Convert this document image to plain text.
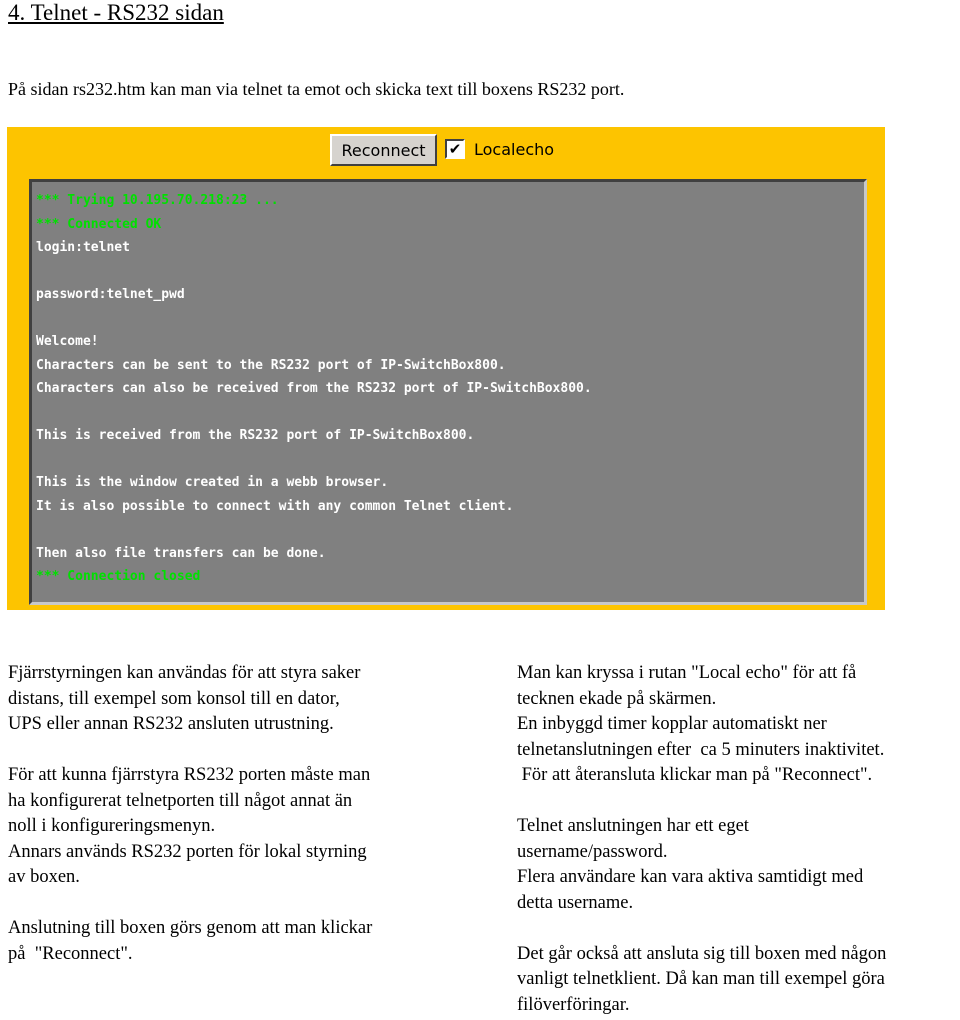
4. Telnet - RS232 sidan
På sidan rs232.htm kan man via telnet ta emot och skicka text till boxens RS232 port.
Reconnect	✔ Localecho
*** Trying 10.195.70.218:23 ...
*** Connected OK
login:telnet
password:telnet_pwd
Welcome!
Characters can be sent to the RS232 port of IP-SwitchBox800.
Characters can also be received from the RS232 port of IP-SwitchBox800.
This is received from the RS232 port of IP-SwitchBox800.
This is the window created in a webb browser.
It is also possible to connect with any common Telnet client.
Then also file transfers can be done.
*** Connection closed

Fjärrstyrningen kan användas för att styra saker

distans, till exempel som konsol till en dator,

UPS eller annan RS232 ansluten utrustning.

För att kunna fjärrstyra RS232 porten måste man

ha konfigurerat telnetporten till något annat än

noll i konfigureringsmenyn.

Annars används RS232 porten för lokal styrning

av boxen.

Anslutning till boxen görs genom att man klickar

på  "Reconnect".

Man kan kryssa i rutan "Local echo" för att få

tecknen ekade på skärmen.

En inbyggd timer kopplar automatiskt ner

telnetanslutningen efter  ca 5 minuters inaktivitet.

För att återansluta klickar man på "Reconnect".

Telnet anslutningen har ett eget

username/password.

Flera användare kan vara aktiva samtidigt med

detta username.

Det går också att ansluta sig till boxen med någon

vanligt telnetklient. Då kan man till exempel göra

filöverföringar.
